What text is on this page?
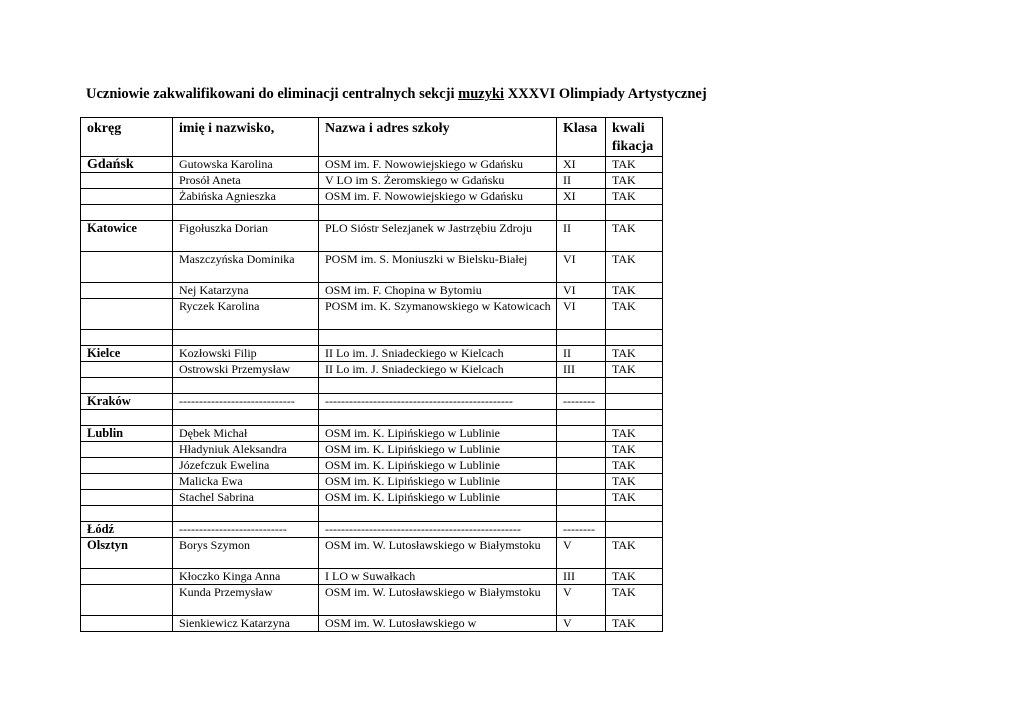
Uczniowie zakwalifikowani do eliminacji centralnych sekcji muzyki XXXVI Olimpiady Artystycznej
okręg	imię i nazwisko,	Nazwa i adres szkoły	Klasa	kwali fikacja
Gdańsk	Gutowska Karolina	OSM im. F. Nowowiejskiego w Gdańsku	XI	TAK
	Prosół Aneta	V LO im S. Żeromskiego w Gdańsku	II	TAK
	Żabińska Agnieszka	OSM im. F. Nowowiejskiego w Gdańsku	XI	TAK

Katowice	Figołuszka Dorian	PLO Sióstr Selezjanek w Jastrzębiu Zdroju	II	TAK
	Maszczyńska Dominika	POSM im. S. Moniuszki w Bielsku-Białej	VI	TAK
	Nej Katarzyna	OSM im. F. Chopina w Bytomiu	VI	TAK
	Ryczek Karolina	POSM im. K. Szymanowskiego w Katowicach	VI	TAK

Kielce	Kozłowski Filip	II Lo im. J. Sniadeckiego w Kielcach	II	TAK
	Ostrowski Przemysław	II Lo im. J. Sniadeckiego w Kielcach	III	TAK

Kraków	-----------------------------	-----------------------------------------------	--------	

Lublin	Dębek Michał	OSM im. K. Lipińskiego w Lublinie		TAK
	Hładyniuk Aleksandra	OSM im. K. Lipińskiego w Lublinie		TAK
	Józefczuk Ewelina	OSM im. K. Lipińskiego w Lublinie		TAK
	Malicka Ewa	OSM im. K. Lipińskiego w Lublinie		TAK
	Stachel Sabrina	OSM im. K. Lipińskiego w Lublinie		TAK

Łódź	---------------------------	-------------------------------------------------	--------	
Olsztyn	Borys Szymon	OSM im. W. Lutosławskiego w Białymstoku	V	TAK
	Kłoczko Kinga Anna	I LO w Suwałkach	III	TAK
	Kunda Przemysław	OSM im. W. Lutosławskiego w Białymstoku	V	TAK
	Sienkiewicz Katarzyna	OSM im. W. Lutosławskiego w	V	TAK
